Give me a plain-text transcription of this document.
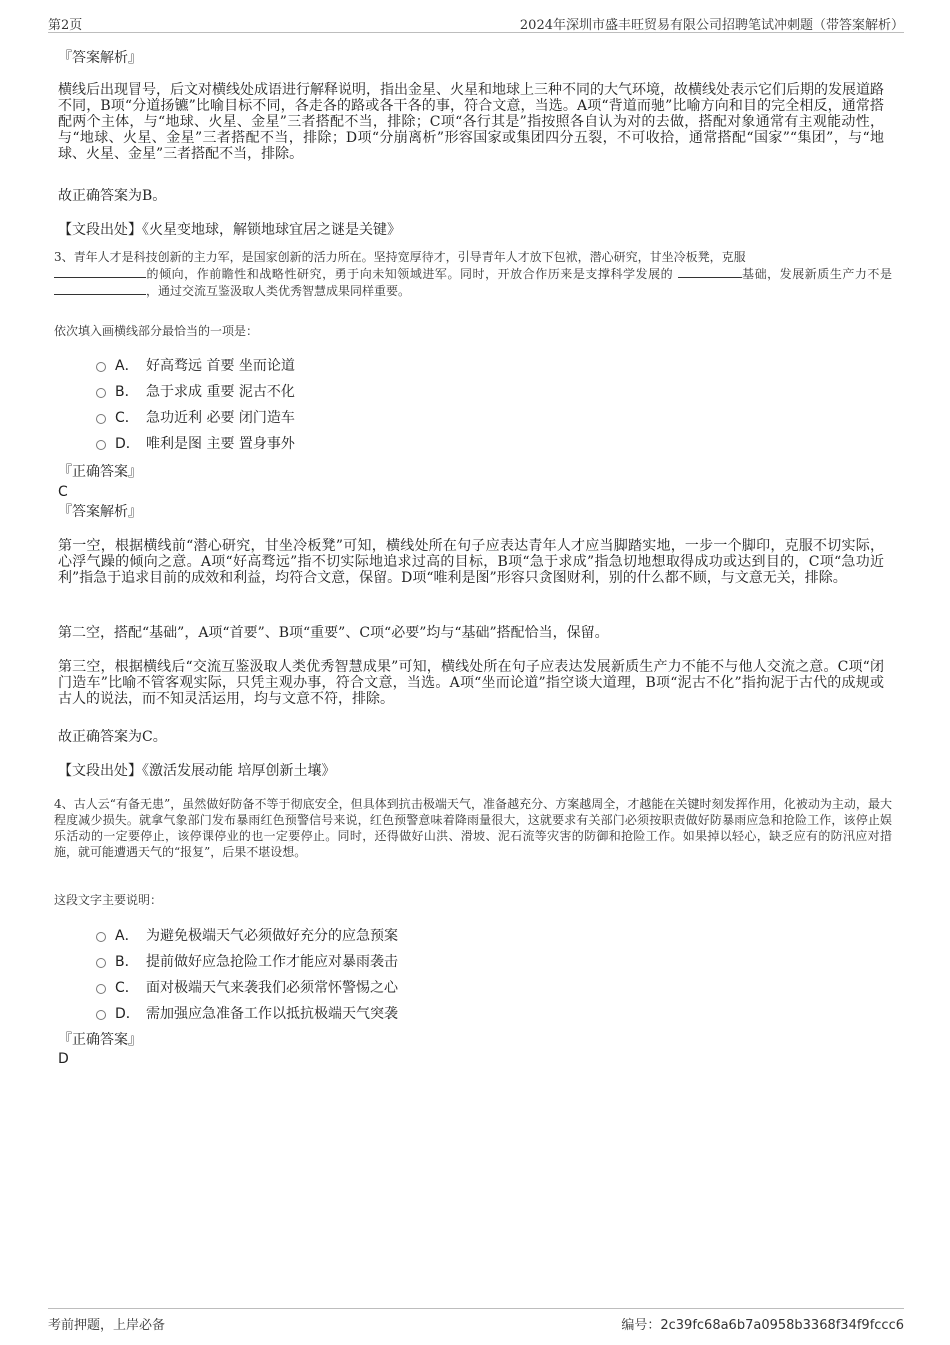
第2页	2024年深圳市盛丰旺贸易有限公司招聘笔试冲刺题（带答案解析）
『答案解析』
横线后出现冒号，后文对横线处成语进行解释说明，指出金星、火星和地球上三种不同的大气环境，故横线处表示它们后期的发展道路不同，B项“分道扬镳”比喻目标不同，各走各的路或各干各的事，符合文意，当选。A项“背道而驰”比喻方向和目的完全相反，通常搭配两个主体，与“地球、火星、金星”三者搭配不当，排除；C项“各行其是”指按照各自认为对的去做，搭配对象通常有主观能动性，与“地球、火星、金星”三者搭配不当，排除；D项“分崩离析”形容国家或集团四分五裂，不可收拾，通常搭配“国家”“集团”，与“地球、火星、金星”三者搭配不当，排除。
故正确答案为B。
【文段出处】《火星变地球，解锁地球宜居之谜是关键》
3、青年人才是科技创新的主力军，是国家创新的活力所在。坚持宽厚待才，引导青年人才放下包袱，潜心研究，甘坐冷板凳，克服
的倾向，作前瞻性和战略性研究，勇于向未知领域进军。同时，开放合作历来是支撑科学发展的	基础，发展新质生产力不是 ，通过交流互鉴汲取人类优秀智慧成果同样重要。
依次填入画横线部分最恰当的一项是：
A． 好高骛远 首要 坐而论道
B． 急于求成 重要 泥古不化
C． 急功近利 必要 闭门造车
D． 唯利是图 主要 置身事外
『正确答案』
C
『答案解析』
第一空，根据横线前“潜心研究，甘坐冷板凳”可知，横线处所在句子应表达青年人才应当脚踏实地，一步一个脚印，克服不切实际，心浮气躁的倾向之意。A项“好高骛远”指不切实际地追求过高的目标，B项“急于求成”指急切地想取得成功或达到目的，C项“急功近利”指急于追求目前的成效和利益，均符合文意，保留。D项“唯利是图”形容只贪图财利，别的什么都不顾，与文意无关，排除。
第二空，搭配“基础”，A项“首要”、B项“重要”、C项“必要”均与“基础”搭配恰当，保留。
第三空，根据横线后“交流互鉴汲取人类优秀智慧成果”可知，横线处所在句子应表达发展新质生产力不能不与他人交流之意。C项“闭门造车”比喻不管客观实际，只凭主观办事，符合文意，当选。A项“坐而论道”指空谈大道理，B项“泥古不化”指拘泥于古代的成规或古人的说法，而不知灵活运用，均与文意不符，排除。
故正确答案为C。
【文段出处】《激活发展动能 培厚创新土壤》
4、古人云“有备无患”，虽然做好防备不等于彻底安全，但具体到抗击极端天气，准备越充分、方案越周全，才越能在关键时刻发挥作用，化被动为主动，最大程度减少损失。就拿气象部门发布暴雨红色预警信号来说，红色预警意味着降雨量很大，这就要求有关部门必须按职责做好防暴雨应急和抢险工作，该停止娱乐活动的一定要停止，该停课停业的也一定要停止。同时，还得做好山洪、滑坡、泥石流等灾害的防御和抢险工作。如果掉以轻心，缺乏应有的防汛应对措施，就可能遭遇天气的“报复”，后果不堪设想。
这段文字主要说明：
A． 为避免极端天气必须做好充分的应急预案
B． 提前做好应急抢险工作才能应对暴雨袭击
C． 面对极端天气来袭我们必须常怀警惕之心
D． 需加强应急准备工作以抵抗极端天气突袭
『正确答案』
D
考前押题，上岸必备	编号：2c39fc68a6b7a0958b3368f34f9fccc6
